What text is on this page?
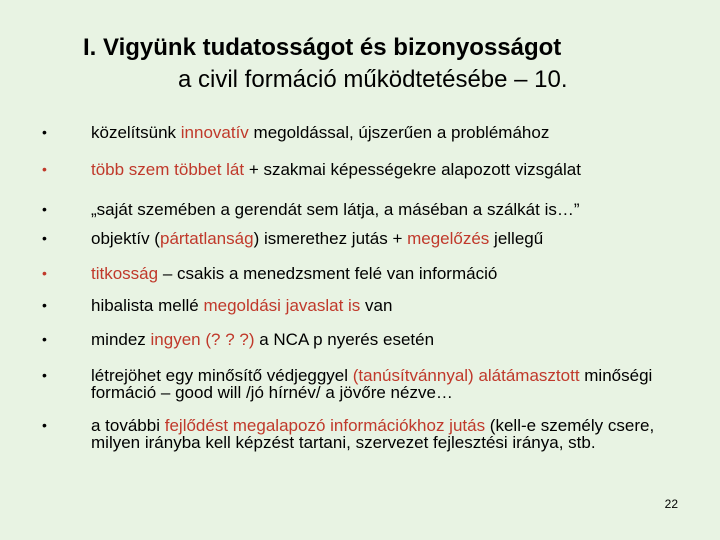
I. Vigyünk tudatosságot és bizonyosságot
a civil formáció működtetésébe – 10.
•	közelítsünk innovatív megoldással, újszerűen a problémához
•	több szem többet lát + szakmai képességekre alapozott vizsgálat
•	„saját szemében a gerendát sem látja, a máséban a szálkát is…”
•	objektív (pártatlanság) ismerethez jutás + megelőzés jellegű
•	titkosság – csakis a menedzsment felé van információ
•	hibalista mellé megoldási javaslat is van
•	mindez ingyen (? ? ?) a NCA p nyerés esetén
•	létrejöhet egy minősítő védjeggyel (tanúsítvánnyal) alátámasztott minőségi formáció – good will /jó hírnév/ a jövőre nézve…
•	a további fejlődést megalapozó információkhoz jutás (kell-e személy csere, milyen irányba kell képzést tartani, szervezet fejlesztési iránya, stb.
22
